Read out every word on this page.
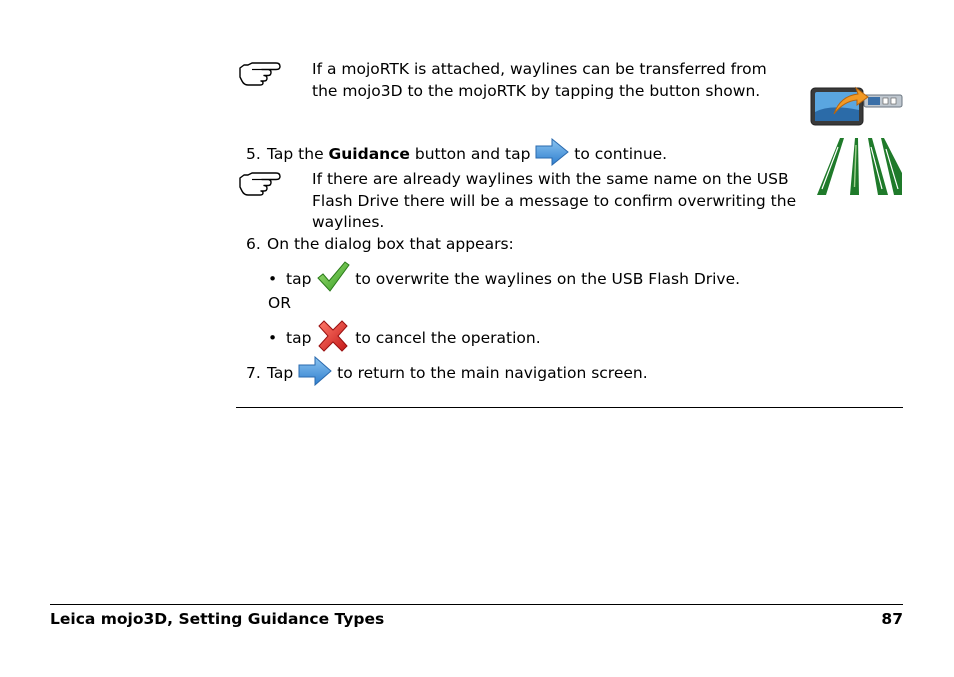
If a mojoRTK is attached, waylines can be transferred from
the mojo3D to the mojoRTK by tapping the button shown.
5. Tap the
Guidance
button and tap

	to continue.
If there are already waylines with the same name on the USB
Flash Drive there will be a message to confirm overwriting the
waylines.
6. On the dialog box that appears:
• tap

	to overwrite the waylines on the USB Flash Drive.
OR
• tap

	to cancel the operation.
7. Tap

	to return to the main navigation screen.
Leica mojo3D, Setting Guidance Types	87
